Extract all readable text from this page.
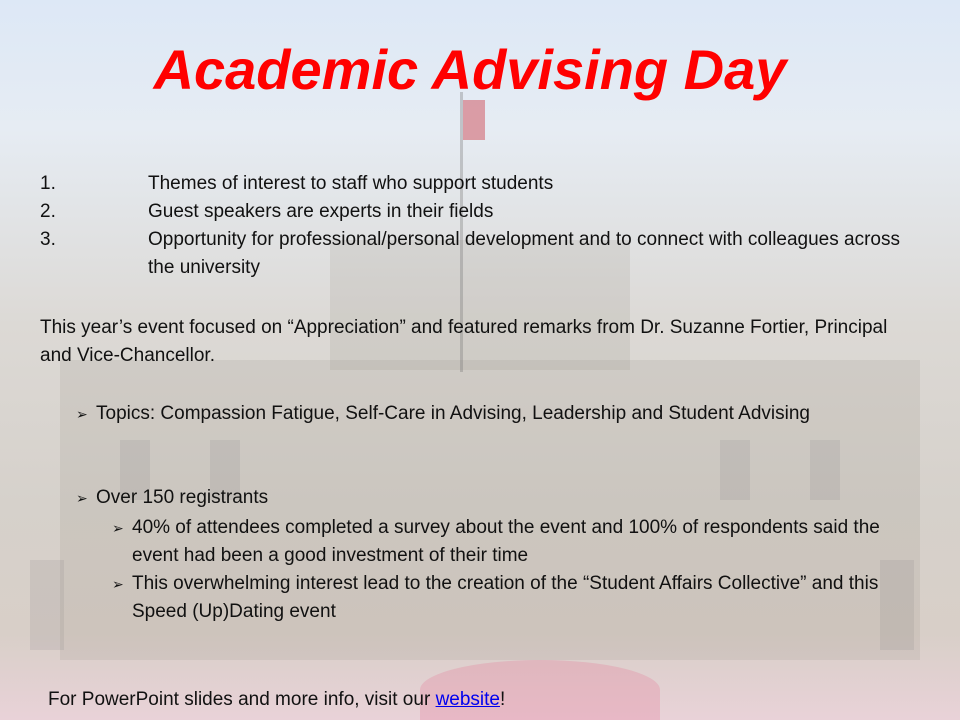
Academic Advising Day
1.	Themes of interest to staff who support students
2.	Guest speakers are experts in their fields
3.	Opportunity for professional/personal development and to connect with colleagues across the university
This year’s event focused on “Appreciation” and featured remarks from Dr. Suzanne Fortier, Principal and Vice-Chancellor.
➢ Topics: Compassion Fatigue, Self-Care in Advising, Leadership and Student Advising
➢ Over 150 registrants
➢ 40% of attendees completed a survey about the event and 100% of respondents said the event had been a good investment of their time
➢ This overwhelming interest lead to the creation of the “Student Affairs Collective” and this Speed (Up)Dating event
For PowerPoint slides and more info, visit our website!
